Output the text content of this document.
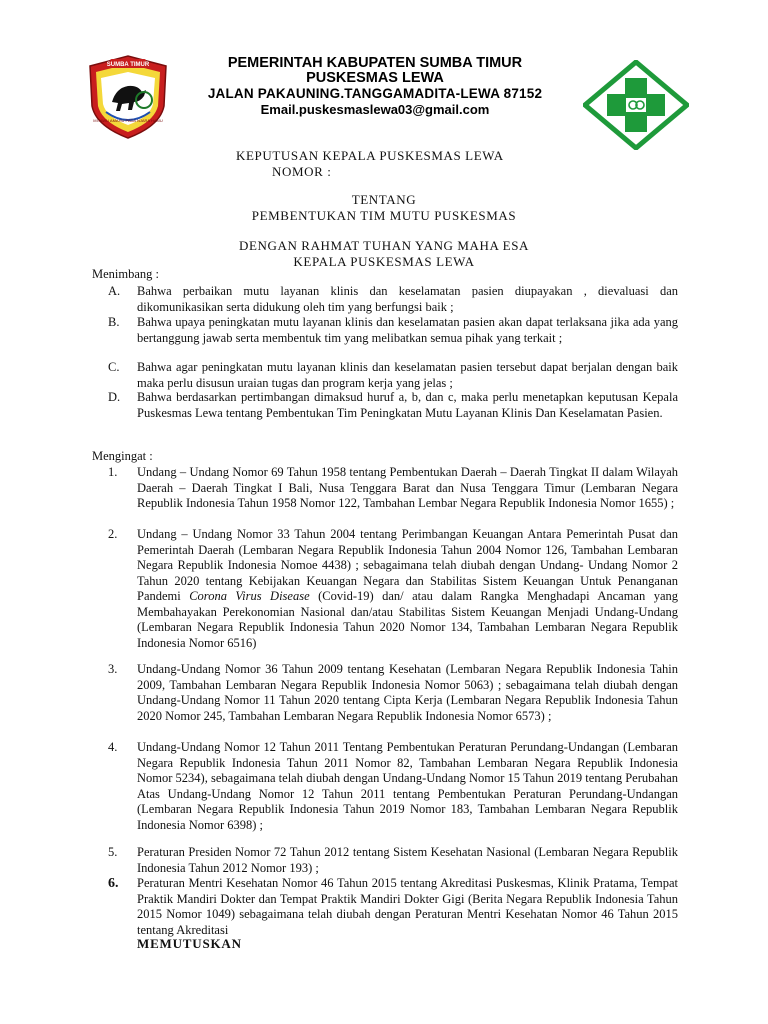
SUMBA TIMUR
MITAWU AMAHU PADA NJARA HAMU
PEMERINTAH KABUPATEN SUMBA TIMUR
PUSKESMAS LEWA
JALAN PAKAUNING.TANGGAMADITA-LEWA 87152
Email.puskesmaslewa03@gmail.com
KEPUTUSAN KEPALA PUSKESMAS LEWA
NOMOR :
TENTANG
PEMBENTUKAN TIM MUTU PUSKESMAS
DENGAN RAHMAT TUHAN YANG MAHA ESA
KEPALA PUSKESMAS LEWA
Menimbang :
A.	Bahwa perbaikan mutu layanan klinis dan keselamatan pasien diupayakan , dievaluasi dan dikomunikasikan serta didukung oleh tim yang berfungsi baik ;
B.	Bahwa upaya peningkatan mutu layanan klinis dan keselamatan pasien akan dapat terlaksana jika ada yang bertanggung jawab serta membentuk tim yang melibatkan semua pihak yang terkait ;
C.	Bahwa agar peningkatan mutu layanan klinis dan keselamatan pasien tersebut dapat berjalan dengan baik maka perlu disusun uraian tugas dan program kerja yang jelas ;
D.	Bahwa berdasarkan pertimbangan dimaksud huruf a, b, dan c, maka perlu menetapkan keputusan Kepala Puskesmas Lewa tentang Pembentukan Tim Peningkatan Mutu Layanan Klinis Dan Keselamatan Pasien.
Mengingat :
1.	Undang – Undang Nomor 69 Tahun 1958 tentang Pembentukan Daerah – Daerah Tingkat II dalam Wilayah Daerah – Daerah Tingkat I Bali, Nusa Tenggara Barat dan Nusa Tenggara Timur (Lembaran Negara Republik Indonesia Tahun 1958 Nomor 122, Tambahan Lembar Negara Republik Indonesia Nomor 1655) ;
2.	Undang – Undang Nomor 33 Tahun 2004 tentang Perimbangan Keuangan Antara Pemerintah Pusat dan Pemerintah Daerah (Lembaran Negara Republik Indonesia Tahun 2004 Nomor 126, Tambahan Lembaran Negara Republik Indonesia Nomoe 4438) ; sebagaimana telah diubah dengan Undang- Undang Nomor 2 Tahun 2020 tentang Kebijakan Keuangan Negara dan Stabilitas Sistem Keuangan Untuk Penanganan Pandemi Corona Virus Disease (Covid-19) dan/ atau dalam Rangka Menghadapi Ancaman yang Membahayakan Perekonomian Nasional dan/atau Stabilitas Sistem Keuangan Menjadi Undang-Undang (Lembaran Negara Republik Indonesia Tahun 2020 Nomor 134, Tambahan Lembaran Negara Republik Indonesia Nomor 6516)
3.	Undang-Undang Nomor 36 Tahun 2009 tentang Kesehatan (Lembaran Negara Republik Indonesia Tahin 2009, Tambahan Lembaran Negara Republik Indonesia Nomor 5063) ; sebagaimana telah diubah dengan Undang-Undang Nomor 11 Tahun 2020 tentang Cipta Kerja (Lembaran Negara Republik Indonesia Tahun 2020 Nomor 245, Tambahan Lembaran Negara Republik Indonesia Nomor 6573) ;
4.	Undang-Undang Nomor 12 Tahun 2011 Tentang Pembentukan Peraturan Perundang-Undangan (Lembaran Negara Republik Indonesia Tahun 2011 Nomor 82, Tambahan Lembaran Negara Republik Indonesia Nomor 5234), sebagaimana telah diubah dengan Undang-Undang Nomor 15 Tahun 2019 tentang Perubahan Atas Undang-Undang Nomor 12 Tahun 2011 tentang Pembentukan Peraturan Perundang-Undangan (Lembaran Negara Republik Indonesia Tahun 2019 Nomor 183, Tambahan Lembaran Negara Republik Indonesia Nomor 6398) ;
5.	Peraturan Presiden Nomor 72 Tahun 2012 tentang Sistem Kesehatan Nasional (Lembaran Negara Republik Indonesia Tahun 2012 Nomor 193) ;
6.	Peraturan Mentri Kesehatan Nomor 46 Tahun 2015 tentang Akreditasi Puskesmas, Klinik Pratama, Tempat Praktik Mandiri Dokter dan Tempat Praktik Mandiri Dokter Gigi (Berita Negara Republik Indonesia Tahun 2015 Nomor 1049) sebagaimana telah diubah dengan Peraturan Mentri Kesehatan Nomor 46 Tahun 2015 tentang Akreditasi
MEMUTUSKAN
